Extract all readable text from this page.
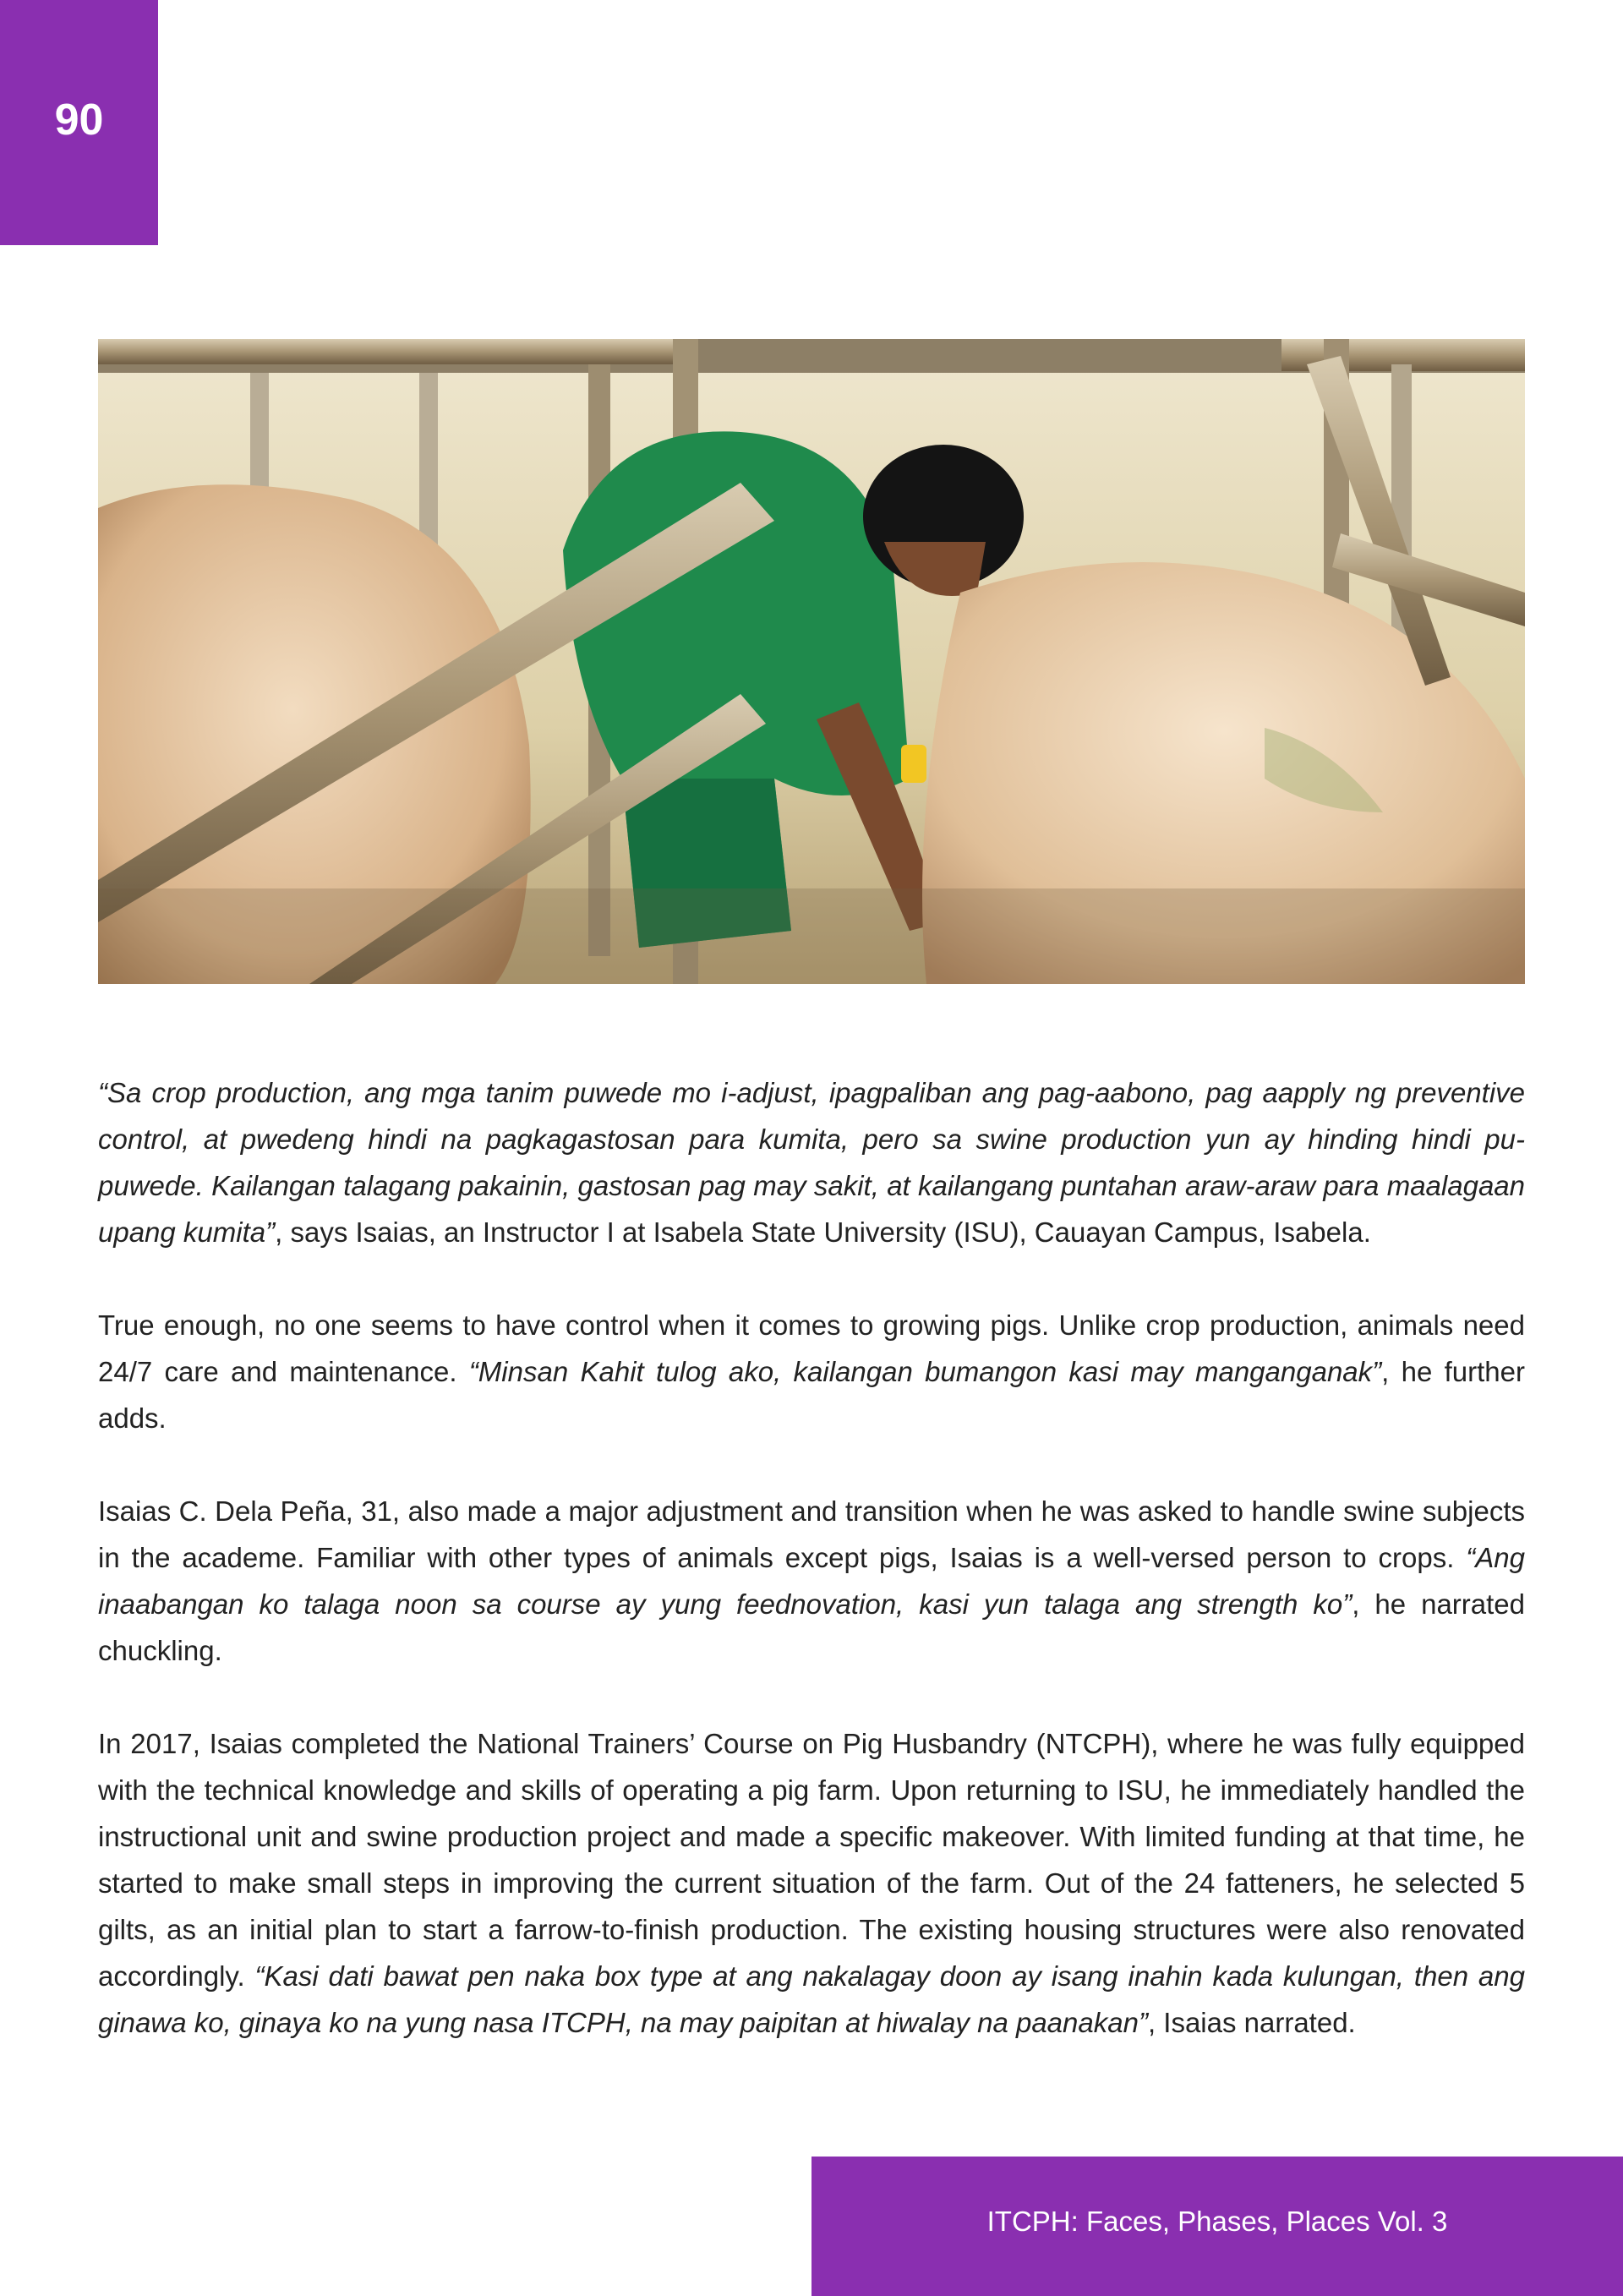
90

“Sa crop production, ang mga tanim puwede mo i-adjust, ipagpaliban ang pag-aabono, pag aapply ng preventive control, at pwedeng hindi na pagkagastosan para kumita, pero sa swine production yun ay hinding hindi pu-puwede. Kailangan talagang pakainin, gastosan pag may sakit, at kailangang puntahan araw-araw para maalagaan upang kumita”, says Isaias, an Instructor I at Isabela State University (ISU), Cauayan Campus, Isabela.

True enough, no one seems to have control when it comes to growing pigs. Unlike crop production, animals need 24/7 care and maintenance. “Minsan Kahit tulog ako, kailangan bumangon kasi may manganganak”, he further adds.

Isaias C. Dela Peña, 31, also made a major adjustment and transition when he was asked to handle swine subjects in the academe. Familiar with other types of animals except pigs, Isaias is a well-versed person to crops. “Ang inaabangan ko talaga noon sa course ay yung feednovation, kasi yun talaga ang strength ko”, he narrated chuckling.

In 2017, Isaias completed the National Trainers’ Course on Pig Husbandry (NTCPH), where he was fully equipped with the technical knowledge and skills of operating a pig farm. Upon returning to ISU, he immediately handled the instructional unit and swine production project and made a specific makeover. With limited funding at that time, he started to make small steps in improving the current situation of the farm. Out of the 24 fatteners, he selected 5 gilts, as an initial plan to start a farrow-to-finish production. The existing housing structures were also renovated accordingly. “Kasi dati bawat pen naka box type at ang nakalagay doon ay isang inahin kada kulungan, then ang ginawa ko, ginaya ko na yung nasa ITCPH, na may paipitan at hiwalay na paanakan”, Isaias narrated.

ITCPH: Faces, Phases, Places Vol. 3
